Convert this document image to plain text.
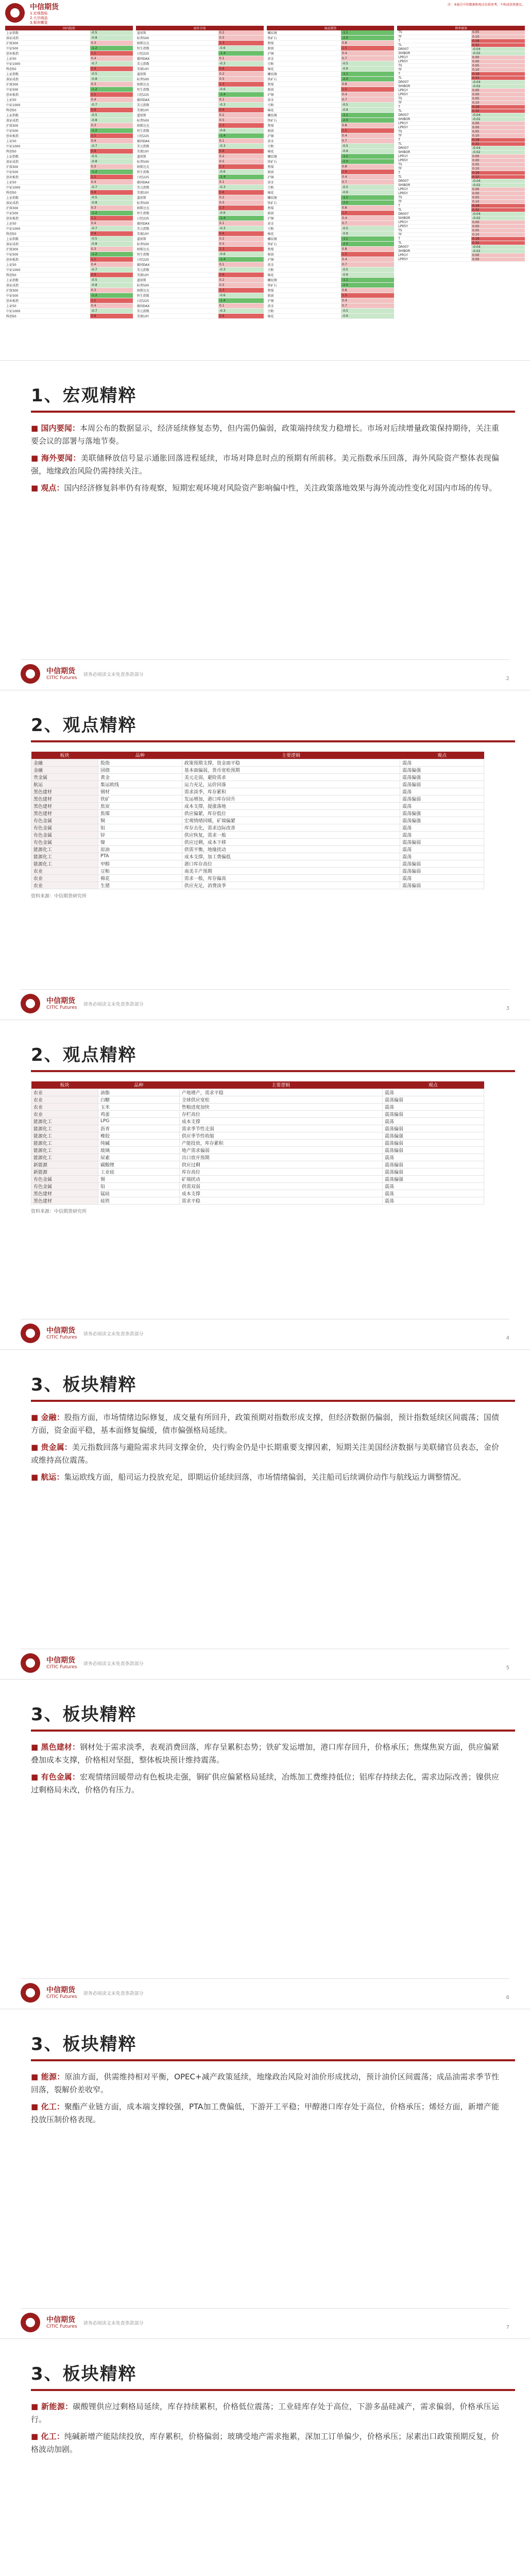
中信期货
1.宏观指标
2.大宗商品
3.板块概览
注：本报告中的数据和观点仅供参考，不构成投资建议。
国内股指	
上证指数	-0.5
深证成指	-0.8
沪深300	0.3
中证500	-1.2
创业板指	1.1
上证50	0.4
中证1000	-0.7
科创50	0.9
上证指数	-0.5
深证成指	-0.8
沪深300	0.3
中证500	-1.2
创业板指	1.1
上证50	0.4
中证1000	-0.7
科创50	0.9
上证指数	-0.5
深证成指	-0.8
沪深300	0.3
中证500	-1.2
创业板指	1.1
上证50	0.4
中证1000	-0.7
科创50	0.9
上证指数	-0.5
深证成指	-0.8
沪深300	0.3
中证500	-1.2
创业板指	1.1
上证50	0.4
中证1000	-0.7
科创50	0.9
上证指数	-0.5
深证成指	-0.8
沪深300	0.3
中证500	-1.2
创业板指	1.1
上证50	0.4
中证1000	-0.7
科创50	0.9
上证指数	-0.5
深证成指	-0.8
沪深300	0.3
中证500	-1.2
创业板指	1.1
上证50	0.4
中证1000	-0.7
科创50	0.9
上证指数	-0.5
深证成指	-0.8
沪深300	0.3
中证500	-1.2
创业板指	1.1
上证50	0.4
中证1000	-0.7
科创50	0.9
海外市场	
道琼斯	0.2
标普500	0.5
纳斯达克	1.3
恒生指数	-0.6
日经225	-1.4
德国DAX	0.1
美元指数	-0.3
美债10Y	0.6
道琼斯	0.2
标普500	0.5
纳斯达克	1.3
恒生指数	-0.6
日经225	-1.4
德国DAX	0.1
美元指数	-0.3
美债10Y	0.6
道琼斯	0.2
标普500	0.5
纳斯达克	1.3
恒生指数	-0.6
日经225	-1.4
德国DAX	0.1
美元指数	-0.3
美债10Y	0.6
道琼斯	0.2
标普500	0.5
纳斯达克	1.3
恒生指数	-0.6
日经225	-1.4
德国DAX	0.1
美元指数	-0.3
美债10Y	0.6
道琼斯	0.2
标普500	0.5
纳斯达克	1.3
恒生指数	-0.6
日经225	-1.4
德国DAX	0.1
美元指数	-0.3
美债10Y	0.6
道琼斯	0.2
标普500	0.5
纳斯达克	1.3
恒生指数	-0.6
日经225	-1.4
德国DAX	0.1
美元指数	-0.3
美债10Y	0.6
道琼斯	0.2
标普500	0.5
纳斯达克	1.3
恒生指数	-0.6
日经225	-1.4
德国DAX	0.1
美元指数	-0.3
美债10Y	0.6
商品期货	
螺纹钢	-1.1
铁矿石	-2.0
焦煤	0.8
原油	1.5
沪铜	0.4
黄金	0.7
豆粕	-0.5
棉花	-0.9
螺纹钢	-1.1
铁矿石	-2.0
焦煤	0.8
原油	1.5
沪铜	0.4
黄金	0.7
豆粕	-0.5
棉花	-0.9
螺纹钢	-1.1
铁矿石	-2.0
焦煤	0.8
原油	1.5
沪铜	0.4
黄金	0.7
豆粕	-0.5
棉花	-0.9
螺纹钢	-1.1
铁矿石	-2.0
焦煤	0.8
原油	1.5
沪铜	0.4
黄金	0.7
豆粕	-0.5
棉花	-0.9
螺纹钢	-1.1
铁矿石	-2.0
焦煤	0.8
原油	1.5
沪铜	0.4
黄金	0.7
豆粕	-0.5
棉花	-0.9
螺纹钢	-1.1
铁矿石	-2.0
焦煤	0.8
原油	1.5
沪铜	0.4
黄金	0.7
豆粕	-0.5
棉花	-0.9
螺纹钢	-1.1
铁矿石	-2.0
焦煤	0.8
原油	1.5
沪铜	0.4
黄金	0.7
豆粕	-0.5
棉花	-0.9
利率债券	
TS	0.05
TF	0.10
T	0.18
TL	0.32
DR007	-0.04
SHIBOR	-0.02
LPR1Y	0.00
LPR5Y	0.00
TS	0.05
TF	0.10
T	0.18
TL	0.32
DR007	-0.04
SHIBOR	-0.02
LPR1Y	0.00
LPR5Y	0.00
TS	0.05
TF	0.10
T	0.18
TL	0.32
DR007	-0.04
SHIBOR	-0.02
LPR1Y	0.00
LPR5Y	0.00
TS	0.05
TF	0.10
T	0.18
TL	0.32
DR007	-0.04
SHIBOR	-0.02
LPR1Y	0.00
LPR5Y	0.00
TS	0.05
TF	0.10
T	0.18
TL	0.32
DR007	-0.04
SHIBOR	-0.02
LPR1Y	0.00
LPR5Y	0.00
TS	0.05
TF	0.10
T	0.18
TL	0.32
DR007	-0.04
SHIBOR	-0.02
LPR1Y	0.00
LPR5Y	0.00
TS	0.05
TF	0.10
T	0.18
TL	0.32
DR007	-0.04
SHIBOR	-0.02
LPR1Y	0.00
LPR5Y	0.00
1、宏观精粹

■ 国内要闻：本周公布的数据显示，经济延续修复态势，但内需仍偏弱，政策端持续发力稳增长。市场对后续增量政策保持期待，关注重要会议的部署与落地节奏。

■ 海外要闻：美联储释放信号显示通胀回落进程延续，市场对降息时点的预期有所前移。美元指数承压回落，海外风险资产整体表现偏强，地缘政治风险仍需持续关注。

■ 观点：国内经济修复斜率仍有待观察，短期宏观环境对风险资产影响偏中性，关注政策落地效果与海外流动性变化对国内市场的传导。

中信期货
CITIC Futures
请务必阅读文末免责条款部分
2
2、观点精粹
板块	品种	主要逻辑	观点
金融	股指	政策预期支撑，资金面平稳	震荡
金融	国债	基本面偏弱，货币宽松预期	震荡偏强
贵金属	黄金	美元走弱，避险需求	震荡偏强
航运	集运欧线	运力充足，运价回落	震荡偏弱
黑色建材	钢材	需求淡季，库存累积	震荡
黑色建材	铁矿	发运增加，港口库存回升	震荡偏弱
黑色建材	焦炭	成本支撑，提涨落地	震荡
黑色建材	焦煤	供应偏紧，库存低位	震荡偏强
有色金属	铜	宏观情绪回暖，矿端偏紧	震荡偏强
有色金属	铝	库存去化，需求边际改善	震荡
有色金属	锌	供应恢复，需求一般	震荡
有色金属	镍	供应过剩，成本下移	震荡偏弱
能源化工	原油	供需平衡，地缘扰动	震荡
能源化工	PTA	成本支撑，加工费偏低	震荡
能源化工	甲醇	港口库存高位	震荡偏弱
农业	豆粕	南美丰产预期	震荡偏弱
农业	棉花	需求一般，库存偏高	震荡
农业	生猪	供应充足，消费淡季	震荡偏弱
资料来源：中信期货研究所
中信期货
CITIC Futures
请务必阅读文末免责条款部分
3
2、观点精粹
板块	品种	主要逻辑	观点
农业	油脂	产地增产，需求平稳	震荡
农业	白糖	全球供应宽松	震荡偏弱
农业	玉米	售粮进度加快	震荡
农业	鸡蛋	存栏高位	震荡偏弱
能源化工	LPG	成本支撑	震荡
能源化工	沥青	需求季节性走弱	震荡偏弱
能源化工	橡胶	供应季节性收缩	震荡偏强
能源化工	纯碱	产能投放，库存累积	震荡偏弱
能源化工	玻璃	地产需求偏弱	震荡偏弱
能源化工	尿素	出口放开预期	震荡
新能源	碳酸锂	供应过剩	震荡偏弱
新能源	工业硅	库存高位	震荡偏弱
有色金属	锡	矿端扰动	震荡偏强
有色金属	铅	供需双弱	震荡
黑色建材	锰硅	成本支撑	震荡
黑色建材	硅铁	需求平稳	震荡
资料来源：中信期货研究所
中信期货
CITIC Futures
请务必阅读文末免责条款部分
4
3、板块精粹

■ 金融：股指方面，市场情绪边际修复，成交量有所回升，政策预期对指数形成支撑，但经济数据仍偏弱，预计指数延续区间震荡；国债方面，资金面平稳，基本面修复偏缓，债市偏强格局延续。

■ 贵金属：美元指数回落与避险需求共同支撑金价，央行购金仍是中长期重要支撑因素，短期关注美国经济数据与美联储官员表态，金价或维持高位震荡。

■ 航运：集运欧线方面，船司运力投放充足，即期运价延续回落，市场情绪偏弱，关注船司后续调价动作与航线运力调整情况。

中信期货
CITIC Futures
请务必阅读文末免责条款部分
5
3、板块精粹

■ 黑色建材：钢材处于需求淡季，表观消费回落，库存呈累积态势；铁矿发运增加，港口库存回升，价格承压；焦煤焦炭方面，供应偏紧叠加成本支撑，价格相对坚挺，整体板块预计维持震荡。

■ 有色金属：宏观情绪回暖带动有色板块走强，铜矿供应偏紧格局延续，冶炼加工费维持低位；铝库存持续去化，需求边际改善；镍供应过剩格局未改，价格仍有压力。

中信期货
CITIC Futures
请务必阅读文末免责条款部分
6
3、板块精粹

■ 能源：原油方面，供需维持相对平衡，OPEC+减产政策延续，地缘政治风险对油价形成扰动，预计油价区间震荡；成品油需求季节性回落，裂解价差收窄。

■ 化工：聚酯产业链方面，成本端支撑较强，PTA加工费偏低，下游开工平稳；甲醇港口库存处于高位，价格承压；烯烃方面，新增产能投放压制价格表现。

中信期货
CITIC Futures
请务必阅读文末免责条款部分
7
3、板块精粹

■ 新能源：碳酸锂供应过剩格局延续，库存持续累积，价格低位震荡；工业硅库存处于高位，下游多晶硅减产，需求偏弱，价格承压运行。

■ 化工：纯碱新增产能陆续投放，库存累积，价格偏弱；玻璃受地产需求拖累，深加工订单偏少，价格承压；尿素出口政策预期反复，价格波动加剧。
